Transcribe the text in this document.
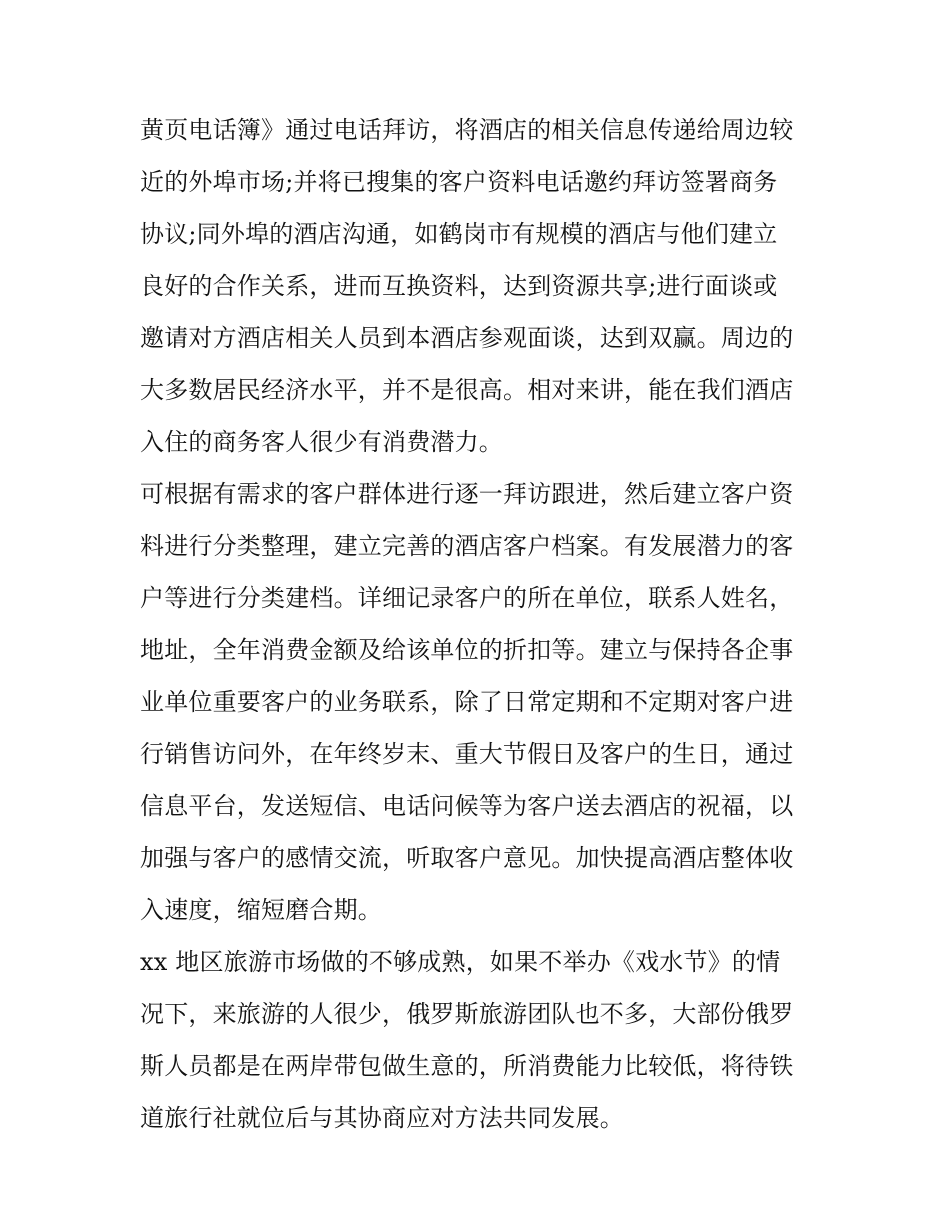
黄页电话簿》通过电话拜访，将酒店的相关信息传递给周边较
近的外埠市场;并将已搜集的客户资料电话邀约拜访签署商务
协议;同外埠的酒店沟通，如鹤岗市有规模的酒店与他们建立
良好的合作关系，进而互换资料，达到资源共享;进行面谈或
邀请对方酒店相关人员到本酒店参观面谈，达到双赢。周边的
大多数居民经济水平，并不是很高。相对来讲，能在我们酒店
入住的商务客人很少有消费潜力。
可根据有需求的客户群体进行逐一拜访跟进，然后建立客户资
料进行分类整理，建立完善的酒店客户档案。有发展潜力的客
户等进行分类建档。详细记录客户的所在单位，联系人姓名，
地址，全年消费金额及给该单位的折扣等。建立与保持各企事
业单位重要客户的业务联系，除了日常定期和不定期对客户进
行销售访问外，在年终岁末、重大节假日及客户的生日，通过
信息平台，发送短信、电话问候等为客户送去酒店的祝福，以
加强与客户的感情交流，听取客户意见。加快提高酒店整体收
入速度，缩短磨合期。
xx 地区旅游市场做的不够成熟，如果不举办《戏水节》的情
况下，来旅游的人很少，俄罗斯旅游团队也不多，大部份俄罗
斯人员都是在两岸带包做生意的，所消费能力比较低，将待铁
道旅行社就位后与其协商应对方法共同发展。
